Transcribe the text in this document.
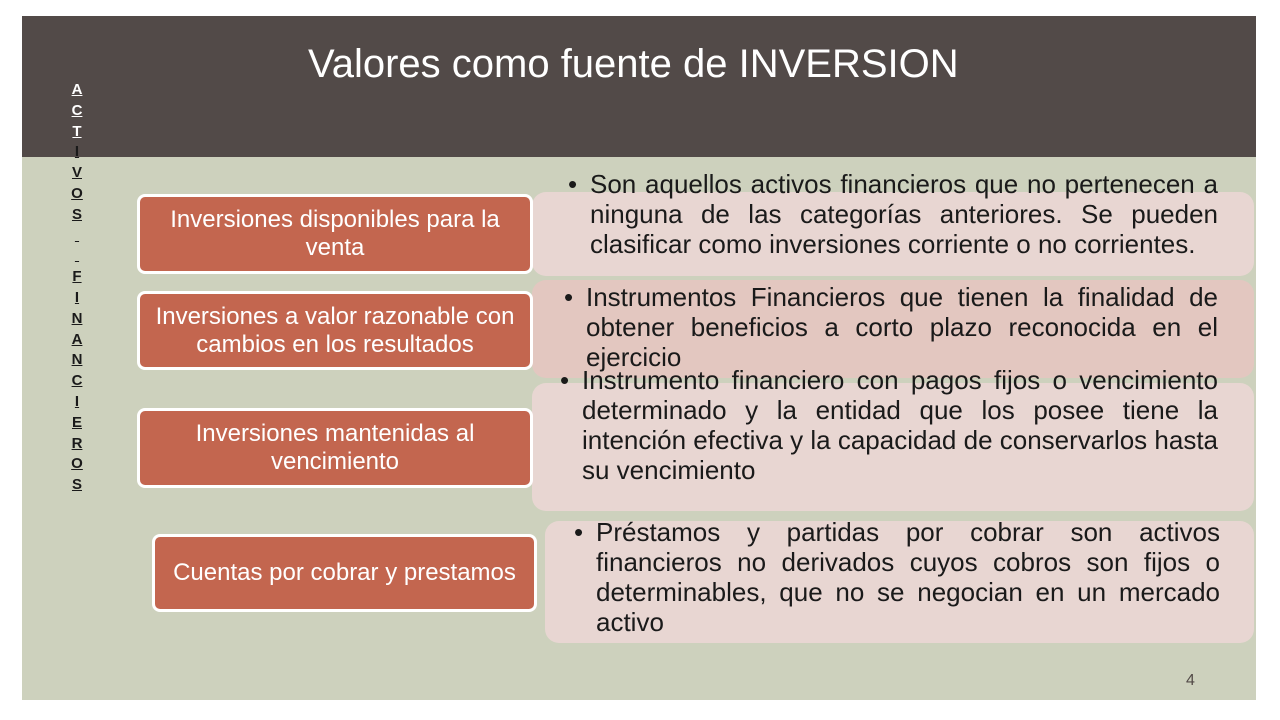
Valores como fuente de INVERSION
A
C
T
I
V
O
S

F
I
N
A
N
C
I
E
R
O
S
• Son aquellos activos financieros que no pertenecen a ninguna de las categorías anteriores. Se pueden clasificar como inversiones corriente o no corrientes.
Inversiones disponibles para la venta
• Instrumentos Financieros que tienen la finalidad de obtener beneficios a corto plazo reconocida en el ejercicio
Inversiones a valor razonable con cambios en los resultados
• Instrumento financiero con pagos fijos o vencimiento determinado y la entidad que los posee tiene la intención efectiva y la capacidad de conservarlos hasta su vencimiento
Inversiones mantenidas al vencimiento
• Préstamos y partidas por cobrar son activos financieros no derivados cuyos cobros son fijos o determinables, que no se negocian en un mercado activo
Cuentas por cobrar y prestamos
4
